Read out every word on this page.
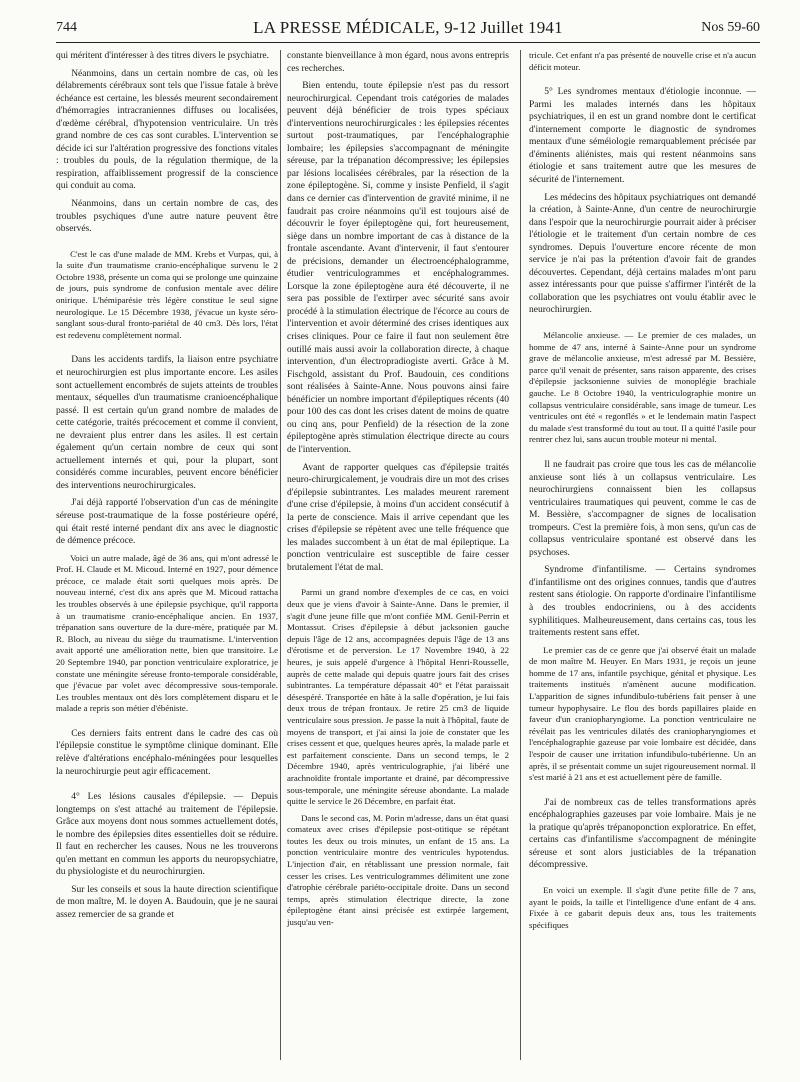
744	LA PRESSE MÉDICALE, 9-12 Juillet 1941	Nos 59-60

qui méritent d'intéresser à des titres divers le psychiatre.

Néanmoins, dans un certain nombre de cas, où les délabrements cérébraux sont tels que l'issue fatale à brève échéance est certaine, les blessés meurent secondairement d'hémorragies intracraniennes diffuses ou localisées, d'œdème cérébral, d'hypotension ventriculaire. Un très grand nombre de ces cas sont curables. L'intervention se décide ici sur l'altération progressive des fonctions vitales : troubles du pouls, de la régulation thermique, de la respiration, affaiblissement progressif de la conscience qui conduit au coma.

Néanmoins, dans un certain nombre de cas, des troubles psychiques d'une autre nature peuvent être observés.

C'est le cas d'une malade de MM. Krebs et Vurpas, qui, à la suite d'un traumatisme cranio-encéphalique survenu le 2 Octobre 1938, présente un coma qui se prolonge une quinzaine de jours, puis syndrome de confusion mentale avec délire onirique. L'hémiparésie très légère constitue le seul signe neurologique. Le 15 Décembre 1938, j'évacue un kyste séro-sanglant sous-dural fronto-pariétal de 40 cm3. Dès lors, l'état est redevenu complètement normal.

Dans les accidents tardifs, la liaison entre psychiatre et neurochirurgien est plus importante encore. Les asiles sont actuellement encombrés de sujets atteints de troubles mentaux, séquelles d'un traumatisme cranioencéphalique passé. Il est certain qu'un grand nombre de malades de cette catégorie, traités précocement et comme il convient, ne devraient plus entrer dans les asiles. Il est certain également qu'un certain nombre de ceux qui sont actuellement internés et qui, pour la plupart, sont considérés comme incurables, peuvent encore bénéficier des interventions neurochirurgicales.

J'ai déjà rapporté l'observation d'un cas de méningite séreuse post-traumatique de la fosse postérieure opéré, qui était resté interné pendant dix ans avec le diagnostic de démence précoce.

Voici un autre malade, âgé de 36 ans, qui m'ont adressé le Prof. H. Claude et M. Micoud. Interné en 1927, pour démence précoce, ce malade était sorti quelques mois après. De nouveau interné, c'est dix ans après que M. Micoud rattacha les troubles observés à une épilepsie psychique, qu'il rapporta à un traumatisme cranio-encéphalique ancien. En 1937, trépanation sans ouverture de la dure-mère, pratiquée par M. R. Bloch, au niveau du siège du traumatisme. L'intervention avait apporté une amélioration nette, bien que transitoire. Le 20 Septembre 1940, par ponction ventriculaire exploratrice, je constate une méningite séreuse fronto-temporale considérable, que j'évacue par volet avec décompressive sous-temporale. Les troubles mentaux ont dès lors complètement disparu et le malade a repris son métier d'ébéniste.

Ces derniers faits entrent dans le cadre des cas où l'épilepsie constitue le symptôme clinique dominant. Elle relève d'altérations encéphalo-méningées pour lesquelles la neurochirurgie peut agir efficacement.

4° Les lésions causales d'épilepsie. — Depuis longtemps on s'est attaché au traitement de l'épilepsie. Grâce aux moyens dont nous sommes actuellement dotés, le nombre des épilepsies dites essentielles doit se réduire. Il faut en rechercher les causes. Nous ne les trouverons qu'en mettant en commun les apports du neuropsychiatre, du physiologiste et du neurochirurgien.

Sur les conseils et sous la haute direction scientifique de mon maître, M. le doyen A. Baudouin, que je ne saurai assez remercier de sa grande et

constante bienveillance à mon égard, nous avons entrepris ces recherches.

Bien entendu, toute épilepsie n'est pas du ressort neurochirurgical. Cependant trois catégories de malades peuvent déjà bénéficier de trois types spéciaux d'interventions neurochirurgicales : les épilepsies récentes surtout post-traumatiques, par l'encéphalographie lombaire; les épilepsies s'accompagnant de méningite séreuse, par la trépanation décompressive; les épilepsies par lésions localisées cérébrales, par la résection de la zone épileptogène. Si, comme y insiste Penfield, il s'agit dans ce dernier cas d'intervention de gravité minime, il ne faudrait pas croire néanmoins qu'il est toujours aisé de découvrir le foyer épileptogène qui, fort heureusement, siège dans un nombre important de cas à distance de la frontale ascendante. Avant d'intervenir, il faut s'entourer de précisions, demander un électroencéphalogramme, étudier ventriculogrammes et encéphalogrammes. Lorsque la zone épileptogène aura été découverte, il ne sera pas possible de l'extirper avec sécurité sans avoir procédé à la stimulation électrique de l'écorce au cours de l'intervention et avoir déterminé des crises identiques aux crises cliniques. Pour ce faire il faut non seulement être outillé mais aussi avoir la collaboration directe, à chaque intervention, d'un électropradiogiste averti. Grâce à M. Fischgold, assistant du Prof. Baudouin, ces conditions sont réalisées à Sainte-Anne. Nous pouvons ainsi faire bénéficier un nombre important d'épileptiques récents (40 pour 100 des cas dont les crises datent de moins de quatre ou cinq ans, pour Penfield) de la résection de la zone épileptogène après stimulation électrique directe au cours de l'intervention.

Avant de rapporter quelques cas d'épilepsie traités neuro-chirurgicalement, je voudrais dire un mot des crises d'épilepsie subintrantes. Les malades meurent rarement d'une crise d'épilepsie, à moins d'un accident consécutif à la perte de conscience. Mais il arrive cependant que les crises d'épilepsie se répètent avec une telle fréquence que les malades succombent à un état de mal épileptique. La ponction ventriculaire est susceptible de faire cesser brutalement l'état de mal.

Parmi un grand nombre d'exemples de ce cas, en voici deux que je viens d'avoir à Sainte-Anne. Dans le premier, il s'agit d'une jeune fille que m'ont confiée MM. Genil-Perrin et Montassut. Crises d'épilepsie à début jacksonien gauche depuis l'âge de 12 ans, accompagnées depuis l'âge de 13 ans d'érotisme et de perversion. Le 17 Novembre 1940, à 22 heures, je suis appelé d'urgence à l'hôpital Henri-Rousselle, auprès de cette malade qui depuis quatre jours fait des crises subintrantes. La température dépassait 40° et l'état paraissait désespéré. Transportée en hâte à la salle d'opération, je lui fais deux trous de trépan frontaux. Je retire 25 cm3 de liquide ventriculaire sous pression. Je passe la nuit à l'hôpital, faute de moyens de transport, et j'ai ainsi la joie de constater que les crises cessent et que, quelques heures après, la malade parle et est parfaitement consciente. Dans un second temps, le 2 Décembre 1940, après ventriculographie, j'ai libéré une arachnoïdite frontale importante et drainé, par décompressive sous-temporale, une méningite séreuse abondante. La malade quitte le service le 26 Décembre, en parfait état.

Dans le second cas, M. Porin m'adresse, dans un état quasi comateux avec crises d'épilepsie post-otitique se répétant toutes les deux ou trois minutes, un enfant de 15 ans. La ponction ventriculaire montre des ventricules hypotendus. L'injection d'air, en rétablissant une pression normale, fait cesser les crises. Les ventriculogrammes délimitent une zone d'atrophie cérébrale pariéto-occipitale droite. Dans un second temps, après stimulation électrique directe, la zone épileptogène étant ainsi précisée est extirpée largement, jusqu'au ven-

tricule. Cet enfant n'a pas présenté de nouvelle crise et n'a aucun déficit moteur.

5° Les syndromes mentaux d'étiologie inconnue. — Parmi les malades internés dans les hôpitaux psychiatriques, il en est un grand nombre dont le certificat d'internement comporte le diagnostic de syndromes mentaux d'une séméiologie remarquablement précisée par d'éminents aliénistes, mais qui restent néanmoins sans étiologie et sans traitement autre que les mesures de sécurité de l'internement.

Les médecins des hôpitaux psychiatriques ont demandé la création, à Sainte-Anne, d'un centre de neurochirurgie dans l'espoir que la neurochirurgie pourrait aider à préciser l'étiologie et le traitement d'un certain nombre de ces syndromes. Depuis l'ouverture encore récente de mon service je n'ai pas la prétention d'avoir fait de grandes découvertes. Cependant, déjà certains malades m'ont paru assez intéressants pour que puisse s'affirmer l'intérêt de la collaboration que les psychiatres ont voulu établir avec le neurochirurgien.

Mélancolie anxieuse. — Le premier de ces malades, un homme de 47 ans, interné à Sainte-Anne pour un syndrome grave de mélancolie anxieuse, m'est adressé par M. Bessière, parce qu'il venait de présenter, sans raison apparente, des crises d'épilepsie jacksonienne suivies de monoplégie brachiale gauche. Le 8 Octobre 1940, la ventriculographie montre un collapsus ventriculaire considérable, sans image de tumeur. Les ventricules ont été « regonflés » et le lendemain matin l'aspect du malade s'est transformé du tout au tout. Il a quitté l'asile pour rentrer chez lui, sans aucun trouble moteur ni mental.

Il ne faudrait pas croire que tous les cas de mélancolie anxieuse sont liés à un collapsus ventriculaire. Les neurochirurgiens connaissent bien les collapsus ventriculaires traumatiques qui peuvent, comme le cas de M. Bessière, s'accompagner de signes de localisation trompeurs. C'est la première fois, à mon sens, qu'un cas de collapsus ventriculaire spontané est observé dans les psychoses.

Syndrome d'infantilisme. — Certains syndromes d'infantilisme ont des origines connues, tandis que d'autres restent sans étiologie. On rapporte d'ordinaire l'infantilisme à des troubles endocriniens, ou à des accidents syphilitiques. Malheureusement, dans certains cas, tous les traitements restent sans effet.

Le premier cas de ce genre que j'ai observé était un malade de mon maître M. Heuyer. En Mars 1931, je reçois un jeune homme de 17 ans, infantile psychique, génital et physique. Les traitements institués n'amènent aucune modification. L'apparition de signes infundibulo-tubériens fait penser à une tumeur hypophysaire. Le flou des bords papillaires plaide en faveur d'un craniopharyngiome. La ponction ventriculaire ne révélait pas les ventricules dilatés des craniopharyngiomes et l'encéphalographie gazeuse par voie lombaire est décidée, dans l'espoir de causer une irritation infundibulo-tubérienne. Un an après, il se présentait comme un sujet rigoureusement normal. Il s'est marié à 21 ans et est actuellement père de famille.

J'ai de nombreux cas de telles transformations après encéphalographies gazeuses par voie lombaire. Mais je ne la pratique qu'après trépanoponction exploratrice. En effet, certains cas d'infantilisme s'accompagnent de méningite séreuse et sont alors justiciables de la trépanation décompressive.

En voici un exemple. Il s'agit d'une petite fille de 7 ans, ayant le poids, la taille et l'intelligence d'une enfant de 4 ans. Fixée à ce gabarit depuis deux ans, tous les traitements spécifiques
